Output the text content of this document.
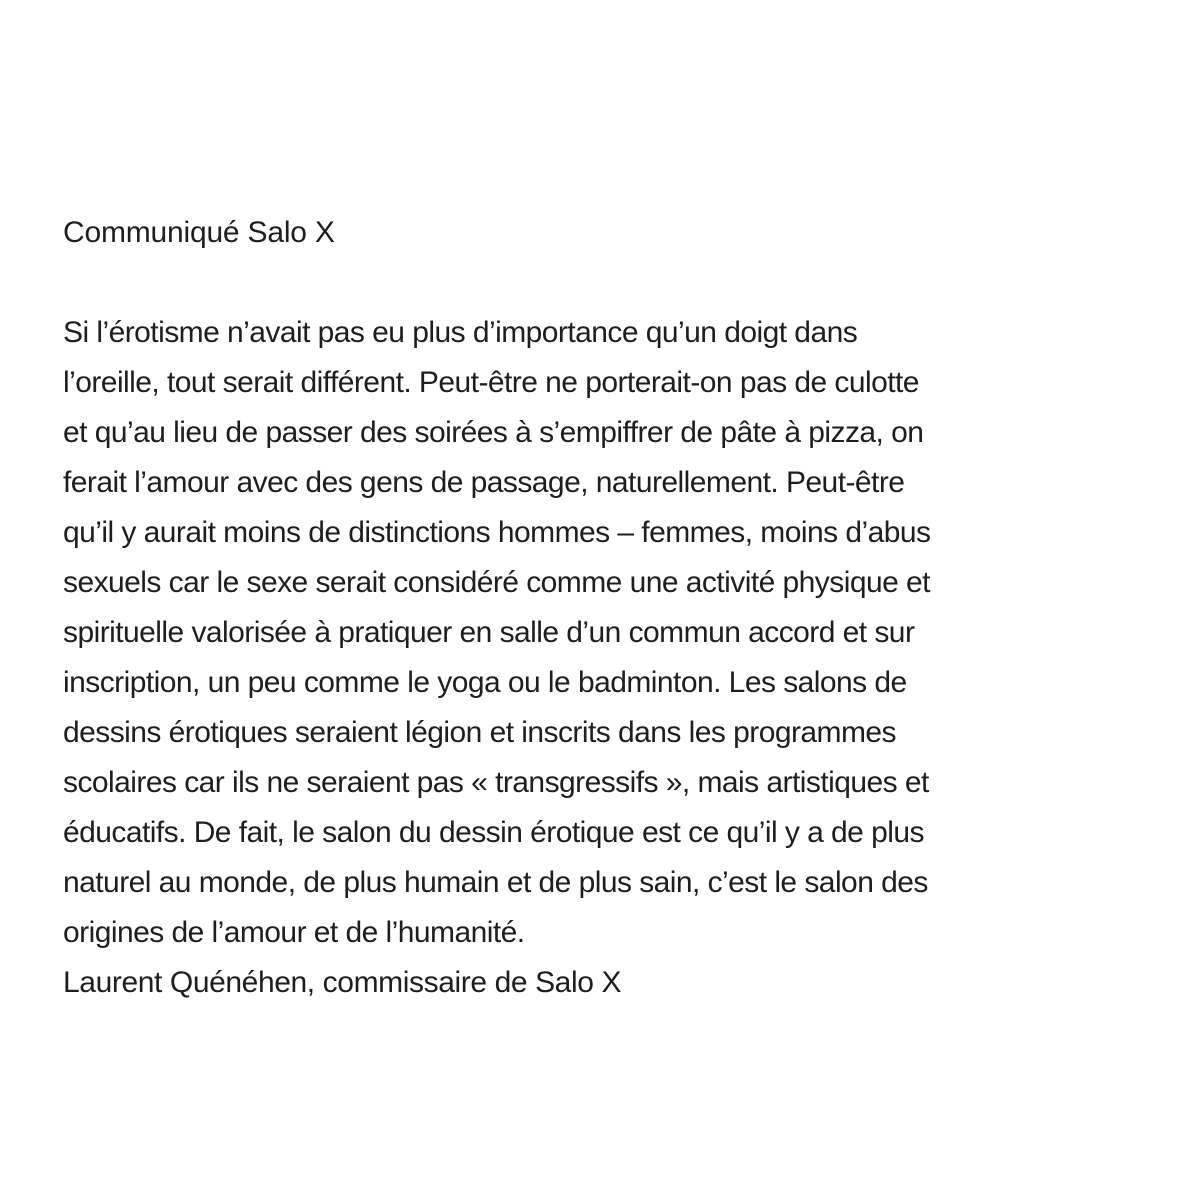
Communiqué Salo X

Si l’érotisme n’avait pas eu plus d’importance qu’un doigt dans

l’oreille, tout serait différent. Peut-être ne porterait-on pas de culotte

et qu’au lieu de passer des soirées à s’empiffrer de pâte à pizza, on

ferait l’amour avec des gens de passage, naturellement. Peut-être

qu’il y aurait moins de distinctions hommes – femmes, moins d’abus

sexuels car le sexe serait considéré comme une activité physique et

spirituelle valorisée à pratiquer en salle d’un commun accord et sur

inscription, un peu comme le yoga ou le badminton. Les salons de

dessins érotiques seraient légion et inscrits dans les programmes

scolaires car ils ne seraient pas « transgressifs », mais artistiques et

éducatifs. De fait, le salon du dessin érotique est ce qu’il y a de plus

naturel au monde, de plus humain et de plus sain, c’est le salon des

origines de l’amour et de l’humanité.

Laurent Quénéhen, commissaire de Salo X
